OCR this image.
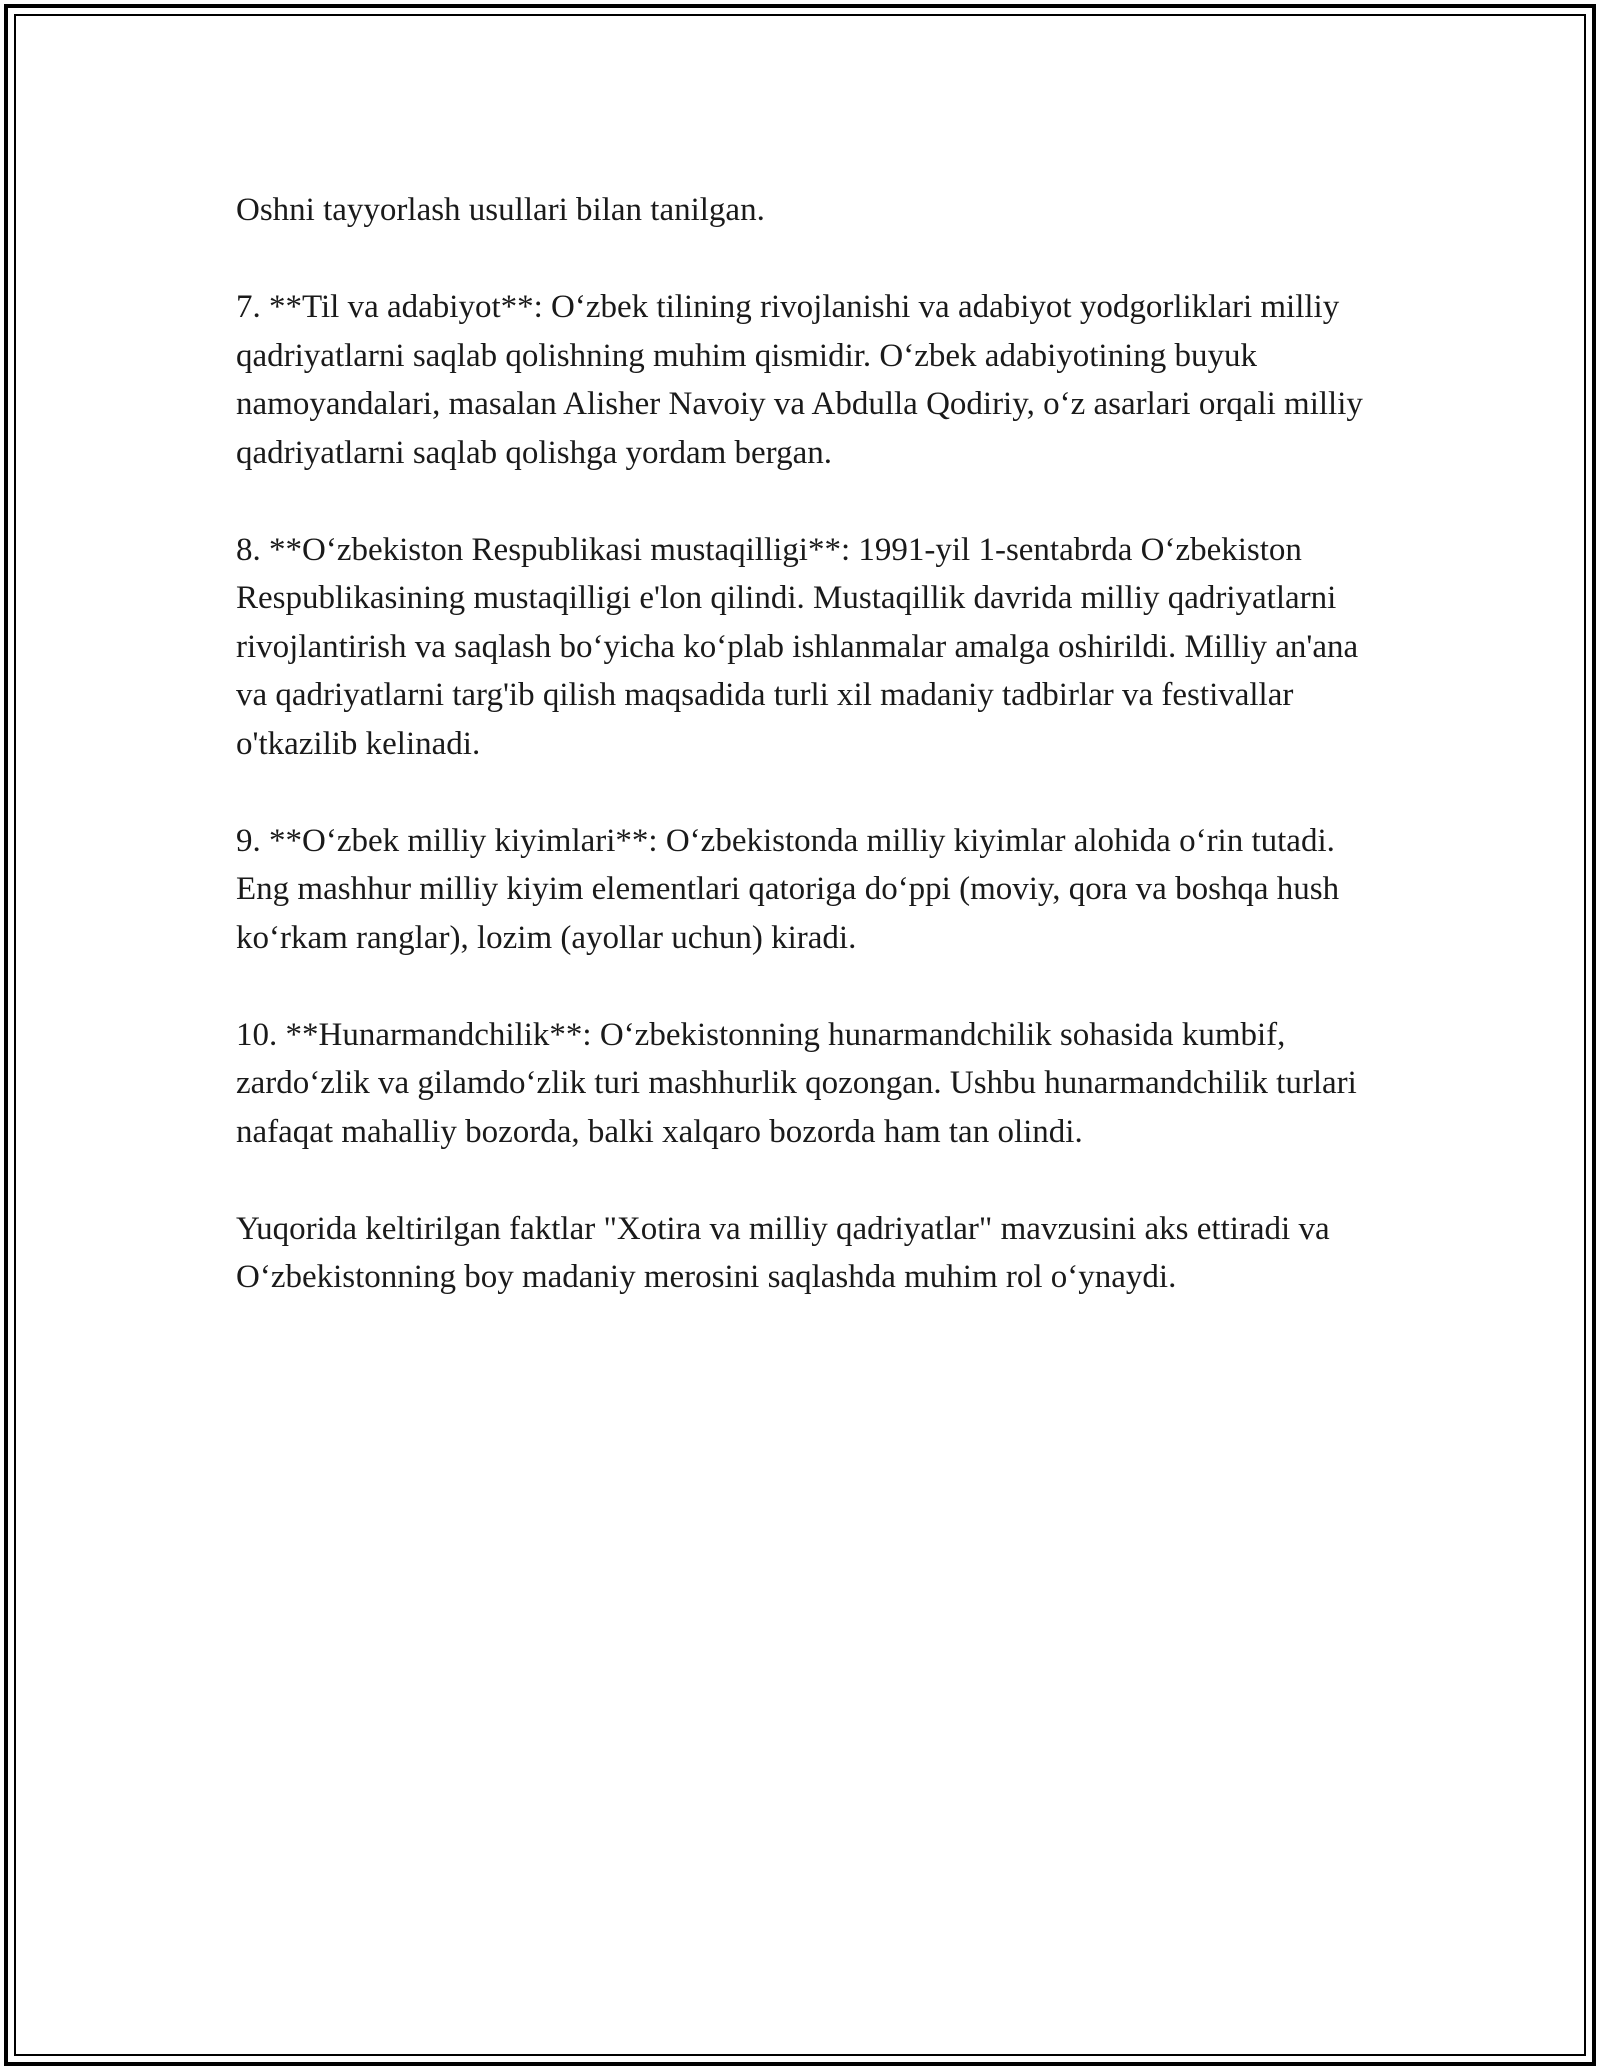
Oshni tayyorlash usullari bilan tanilgan.

7. **Til va adabiyot**: O‘zbek tilining rivojlanishi va adabiyot yodgorliklari milliy qadriyatlarni saqlab qolishning muhim qismidir. O‘zbek adabiyotining buyuk namoyandalari, masalan Alisher Navoiy va Abdulla Qodiriy, o‘z asarlari orqali milliy qadriyatlarni saqlab qolishga yordam bergan.

8. **O‘zbekiston Respublikasi mustaqilligi**: 1991-yil 1-sentabrda O‘zbekiston Respublikasining mustaqilligi e'lon qilindi. Mustaqillik davrida milliy qadriyatlarni rivojlantirish va saqlash bo‘yicha ko‘plab ishlanmalar amalga oshirildi. Milliy an'ana va qadriyatlarni targ'ib qilish maqsadida turli xil madaniy tadbirlar va festivallar o'tkazilib kelinadi.

9. **O‘zbek milliy kiyimlari**: O‘zbekistonda milliy kiyimlar alohida o‘rin tutadi. Eng mashhur milliy kiyim elementlari qatoriga do‘ppi (moviy, qora va boshqa hush ko‘rkam ranglar), lozim (ayollar uchun) kiradi.

10. **Hunarmandchilik**: O‘zbekistonning hunarmandchilik sohasida kumbif, zardo‘zlik va gilamdo‘zlik turi mashhurlik qozongan. Ushbu hunarmandchilik turlari nafaqat mahalliy bozorda, balki xalqaro bozorda ham tan olindi.

Yuqorida keltirilgan faktlar "Xotira va milliy qadriyatlar" mavzusini aks ettiradi va O‘zbekistonning boy madaniy merosini saqlashda muhim rol o‘ynaydi.
